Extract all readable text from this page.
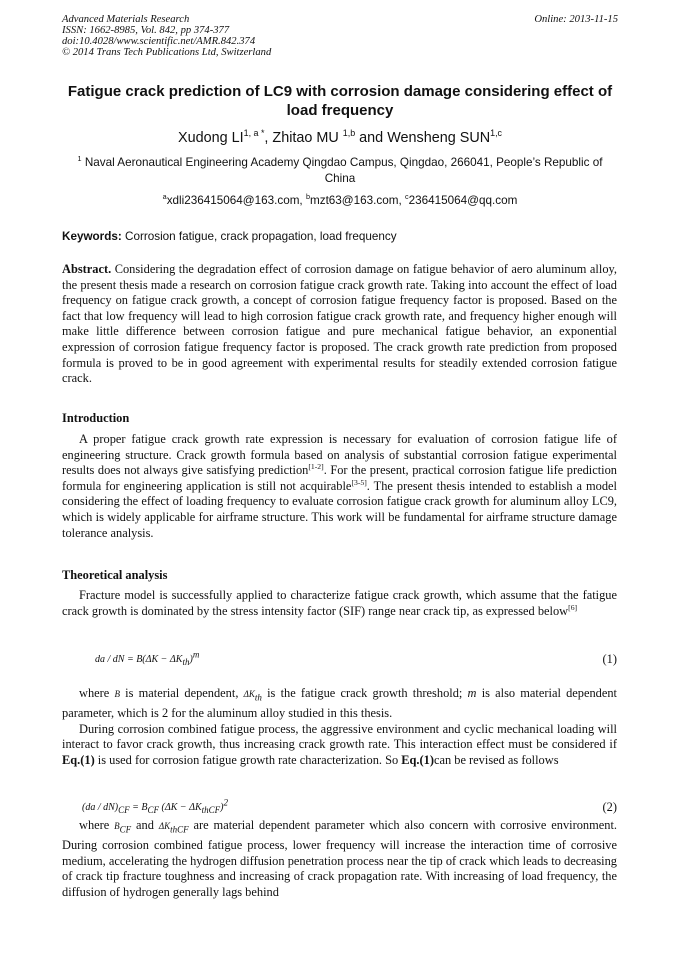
Advanced Materials Research
ISSN: 1662-8985, Vol. 842, pp 374-377
doi:10.4028/www.scientific.net/AMR.842.374
© 2014 Trans Tech Publications Ltd, Switzerland
Online: 2013-11-15
Fatigue crack prediction of LC9 with corrosion damage considering effect of load frequency
Xudong $LI^{1, a *}$, Zhitao MU $^{1,b}$ and Wensheng SUN$^{1,c}$
$^1$ Naval Aeronautical Engineering Academy Qingdao Campus, Qingdao, 266041, People’s Republic of China
$^a$xdli236415064@163.com, $^b$mzt63@163.com, $^c$236415064@qq.com
Keywords: Corrosion fatigue, crack propagation, load frequency

Abstract. Considering the degradation effect of corrosion damage on fatigue behavior of aero aluminum alloy, the present thesis made a research on corrosion fatigue crack growth rate. Taking into account the effect of load frequency on fatigue crack growth, a concept of corrosion fatigue frequency factor is proposed. Based on the fact that low frequency will lead to high corrosion fatigue crack growth rate, and frequency higher enough will make little difference between corrosion fatigue and pure mechanical fatigue behavior, an exponential expression of corrosion fatigue frequency factor is proposed. The crack growth rate prediction from proposed formula is proved to be in good agreement with experimental results for steadily extended corrosion fatigue crack.

Introduction

A proper fatigue crack growth rate expression is necessary for evaluation of corrosion fatigue life of engineering structure. Crack growth formula based on analysis of substantial corrosion fatigue experimental results does not always give satisfying prediction[1-2]. For the present, practical corrosion fatigue life prediction formula for engineering application is still not acquirable[3-5]. The present thesis intended to establish a model considering the effect of loading frequency to evaluate corrosion fatigue crack growth for aluminum alloy LC9, which is widely applicable for airframe structure. This work will be fundamental for airframe structure damage tolerance analysis.

Theoretical analysis

Fracture model is successfully applied to characterize fatigue crack growth, which assume that the fatigue crack growth is dominated by the stress intensity factor (SIF) range near crack tip, as expressed below[6]

da / dN = $B(\Delta K - \Delta K_{th})^m$	(1)

where B is material dependent, $\Delta K_{th}$ is the fatigue crack growth threshold; m is also material dependent parameter, which is 2 for the aluminum alloy studied in this thesis.

During corrosion combined fatigue process, the aggressive environment and cyclic mechanical loading will interact to favor crack growth, thus increasing crack growth rate. This interaction effect must be considered if Eq.(1) is used for corrosion fatigue growth rate characterization. So Eq.(1)can be revised as follows

$(da / dN)_{CF} = B_{CF}$ $(\Delta K - \Delta K_{thCF})^2$	(2)

where $B_{CF}$ and $\Delta K_{thCF}$ are material dependent parameter which also concern with corrosive environment. During corrosion combined fatigue process, lower frequency will increase the interaction time of corrosive medium, accelerating the hydrogen diffusion penetration process near the tip of crack which leads to decreasing of crack tip fracture toughness and increasing of crack propagation rate. With increasing of load frequency, the diffusion of hydrogen generally lags behind
